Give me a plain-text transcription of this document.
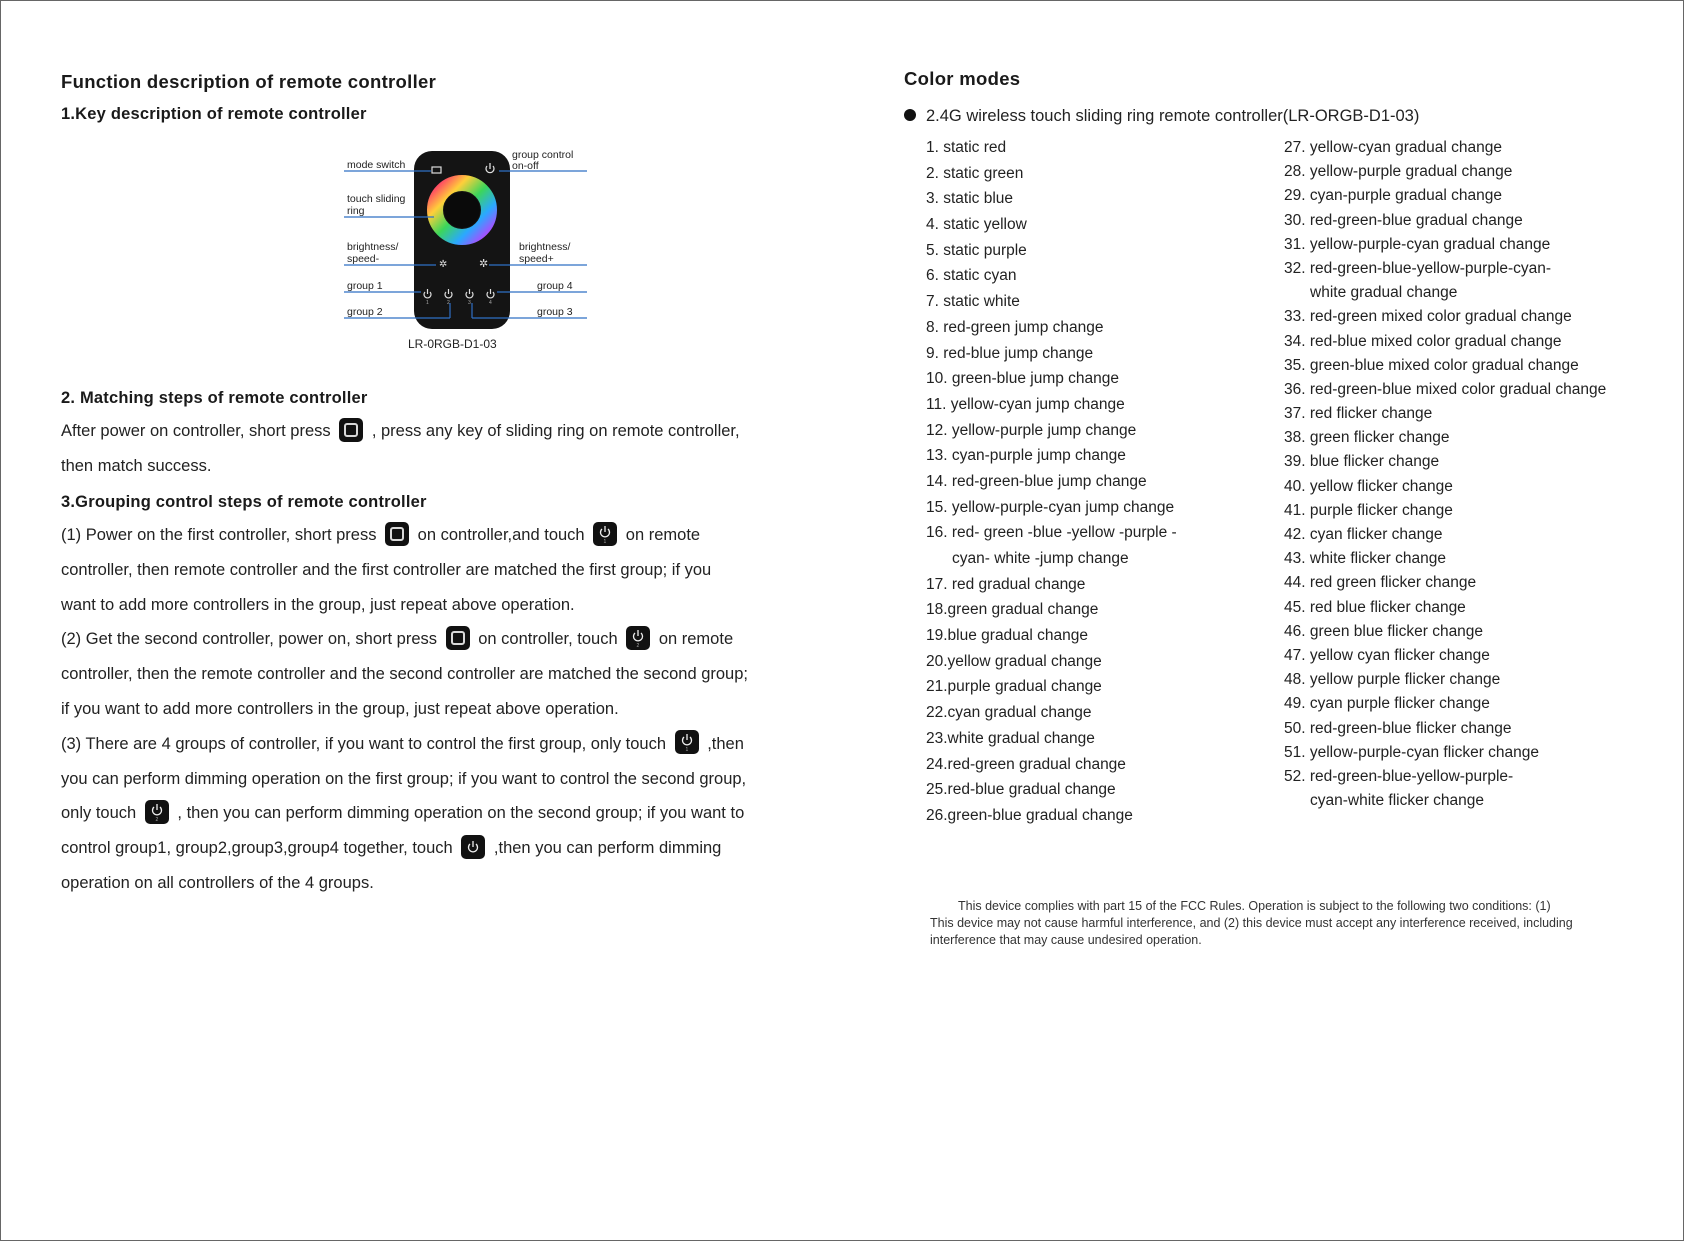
Function description of remote controller
1.Key description of remote controller
✲	✲
1	2	3	4
mode switch
touch sliding
ring
brightness/
speed-
group 1
group 2
group control
on-off
brightness/
speed+
group 4
group 3
LR-0RGB-D1-03
2. Matching steps of remote controller
After power on controller, short press , press any key of sliding ring on remote controller,
then match success.
3.Grouping control steps of remote controller
(1) Power on the first controller, short press on controller,and touch	1 on remote
controller, then remote controller and the first controller are matched the first group; if you
want to add more controllers in the group, just repeat above operation.
(2) Get the second controller, power on, short press on controller, touch	2 on remote
controller, then the remote controller and the second controller are matched the second group;
if you want to add more controllers in the group, just repeat above operation.
(3) There are 4 groups of controller, if you want to control the first group, only touch	1 ,then
you can perform dimming operation on the first group; if you want to control the second group,
only touch	2 , then you can perform dimming operation on the second group; if you want to
control group1, group2,group3,group4 together, touch ,then you can perform dimming
operation on all controllers of the 4 groups.
Color modes
2.4G wireless touch sliding ring remote controller(LR-ORGB-D1-03)
1. static red
2. static green
3. static blue
4. static yellow
5. static purple
6. static cyan
7. static white
8. red-green jump change
9. red-blue jump change
10. green-blue jump change
11. yellow-cyan jump change
12. yellow-purple jump change
13. cyan-purple jump change
14. red-green-blue jump change
15. yellow-purple-cyan jump change
16. red- green -blue -yellow -purple -
cyan- white -jump change
17. red gradual change
18.green gradual change
19.blue gradual change
20.yellow gradual change
21.purple gradual change
22.cyan gradual change
23.white gradual change
24.red-green gradual change
25.red-blue gradual change
26.green-blue gradual change
27. yellow-cyan gradual change
28. yellow-purple gradual change
29. cyan-purple gradual change
30. red-green-blue gradual change
31. yellow-purple-cyan gradual change
32. red-green-blue-yellow-purple-cyan-
white gradual change
33. red-green mixed color gradual change
34. red-blue mixed color gradual change
35. green-blue mixed color gradual change
36. red-green-blue mixed color gradual change
37. red flicker change
38. green flicker change
39. blue flicker change
40. yellow flicker change
41. purple flicker change
42. cyan flicker change
43. white flicker change
44. red green flicker change
45. red blue flicker change
46. green blue flicker change
47. yellow cyan flicker change
48. yellow purple flicker change
49. cyan purple flicker change
50. red-green-blue flicker change
51. yellow-purple-cyan flicker change
52. red-green-blue-yellow-purple-
cyan-white flicker change
This device complies with part 15 of the FCC Rules. Operation is subject to the following two conditions: (1)
This device may not cause harmful interference, and (2) this device must accept any interference received, including
interference that may cause undesired operation.
